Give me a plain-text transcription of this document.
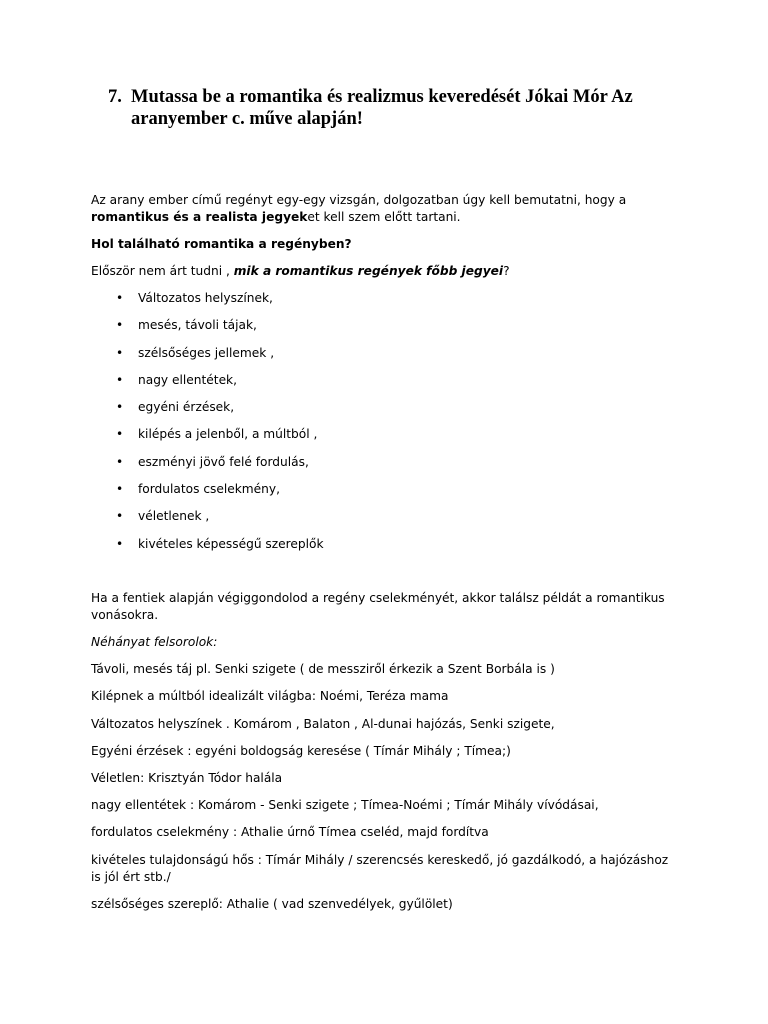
7. Mutassa be a romantika és realizmus keveredését Jókai Mór Az aranyember c. műve alapján!
Az arany ember című regényt egy-egy vizsgán, dolgozatban úgy kell bemutatni, hogy a romantikus és a realista jegyeket kell szem előtt tartani.
Hol található romantika a regényben?
Először nem árt tudni , mik a romantikus regények főbb jegyei?
• Változatos helyszínek,
• mesés, távoli tájak,
• szélsőséges jellemek ,
• nagy ellentétek,
• egyéni érzések,
• kilépés a jelenből, a múltból ,
• eszményi jövő felé fordulás,
• fordulatos cselekmény,
• véletlenek ,
• kivételes képességű szereplők
Ha a fentiek alapján végiggondolod a regény cselekményét, akkor találsz példát a romantikus vonásokra.
Néhányat felsorolok:
Távoli, mesés táj pl. Senki szigete ( de messziről érkezik a Szent Borbála is )
Kilépnek a múltból idealizált világba: Noémi, Teréza mama
Változatos helyszínek . Komárom , Balaton , Al-dunai hajózás, Senki szigete,
Egyéni érzések : egyéni boldogság keresése ( Tímár Mihály ; Tímea;)
Véletlen: Krisztyán Tódor halála
nagy ellentétek : Komárom - Senki szigete ; Tímea-Noémi ; Tímár Mihály vívódásai,
fordulatos cselekmény : Athalie úrnő Tímea cseléd, majd fordítva
kivételes tulajdonságú hős : Tímár Mihály / szerencsés kereskedő, jó gazdálkodó, a hajózáshoz is jól ért stb./
szélsőséges szereplő: Athalie ( vad szenvedélyek, gyűlölet)
